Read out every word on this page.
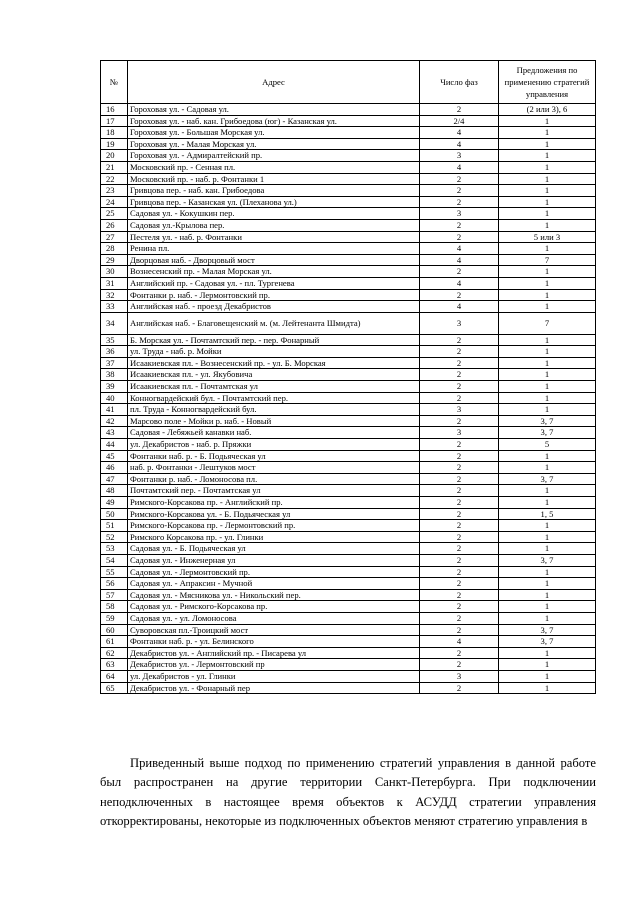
№	Адрес	Число фаз	Предложения по применению стратегий управления
16	Гороховая ул. - Садовая ул.	2	(2 или 3), 6
17	Гороховая ул. - наб. кан. Грибоедова (юг) - Казанская ул.	2/4	1
18	Гороховая ул. - Большая Морская ул.	4	1
19	Гороховая ул. - Малая Морская ул.	4	1
20	Гороховая ул. - Адмиралтейский пр.	3	1
21	Московский пр. - Сенная пл.	4	1
22	Московский пр. - наб. р. Фонтанки 1	2	1
23	Гривцова пер. - наб. кан. Грибоедова	2	1
24	Гривцова пер. - Казанская ул. (Плеханова ул.)	2	1
25	Садовая ул. - Кокушкин пер.	3	1
26	Садовая ул.-Крылова пер.	2	1
27	Пестеля ул. - наб. р. Фонтанки	2	5 или 3
28	Ренина пл.	4	1
29	Дворцовая наб. - Дворцовый мост	4	7
30	Вознесенский пр. - Малая Морская ул.	2	1
31	Английский пр. - Садовая ул. - пл. Тургенева	4	1
32	Фонтанки р. наб. - Лермонтовский пр.	2	1
33	Английская наб. - проезд Декабристов	4	1
34	Английская наб. - Благовещенский м. (м. Лейтенанта Шмидта)	3	7
35	Б. Морская ул. - Почтамтский пер. - пер. Фонарный	2	1
36	ул. Труда - наб. р. Мойки	2	1
37	Исаакиевская пл. - Вознесенский пр. - ул. Б. Морская	2	1
38	Исаакиевская пл. - ул. Якубовича	2	1
39	Исаакиевская пл. - Почтамтская ул	2	1
40	Конногвардейский бул. - Почтамтский пер.	2	1
41	пл. Труда - Конногвардейский бул.	3	1
42	Марсово поле - Мойки р. наб. - Новый	2	3, 7
43	Садовая - Лебяжьей канавки наб.	3	3, 7
44	ул. Декабристов - наб. р. Пряжки	2	5
45	Фонтанки наб. р. - Б. Подьяческая ул	2	1
46	наб. р. Фонтанки - Лештуков мост	2	1
47	Фонтанки р. наб. - Ломоносова пл.	2	3, 7
48	Почтамтский пер. - Почтамтская ул	2	1
49	Римского-Корсакова пр. - Английский пр.	2	1
50	Римского-Корсакова ул. - Б. Подьяческая ул	2	1, 5
51	Римского-Корсакова пр. - Лермонтовский пр.	2	1
52	Римского Корсакова пр. - ул. Глинки	2	1
53	Садовая ул. - Б. Подьяческая ул	2	1
54	Садовая ул. - Инженерная ул	2	3, 7
55	Садовая ул. - Лермонтовский пр.	2	1
56	Садовая ул. - Апраксин - Мучной	2	1
57	Садовая ул. - Мясникова ул. - Никольский пер.	2	1
58	Садовая ул. - Римского-Корсакова пр.	2	1
59	Садовая ул. - ул. Ломоносова	2	1
60	Суворовская пл.-Троицкий мост	2	3, 7
61	Фонтанки наб. р. - ул. Белинского	4	3, 7
62	Декабристов ул. - Английский пр. - Писарева ул	2	1
63	Декабристов ул. - Лермонтовский пр	2	1
64	ул. Декабристов - ул. Глинки	3	1
65	Декабристов ул. - Фонарный пер	2	1

Приведенный выше подход по применению стратегий управления в данной работе был распространен на другие территории Санкт-Петербурга. При подключении неподключенных в настоящее время объектов к АСУДД стратегии управления откорректированы, некоторые из подключенных объектов меняют стратегию управления в
